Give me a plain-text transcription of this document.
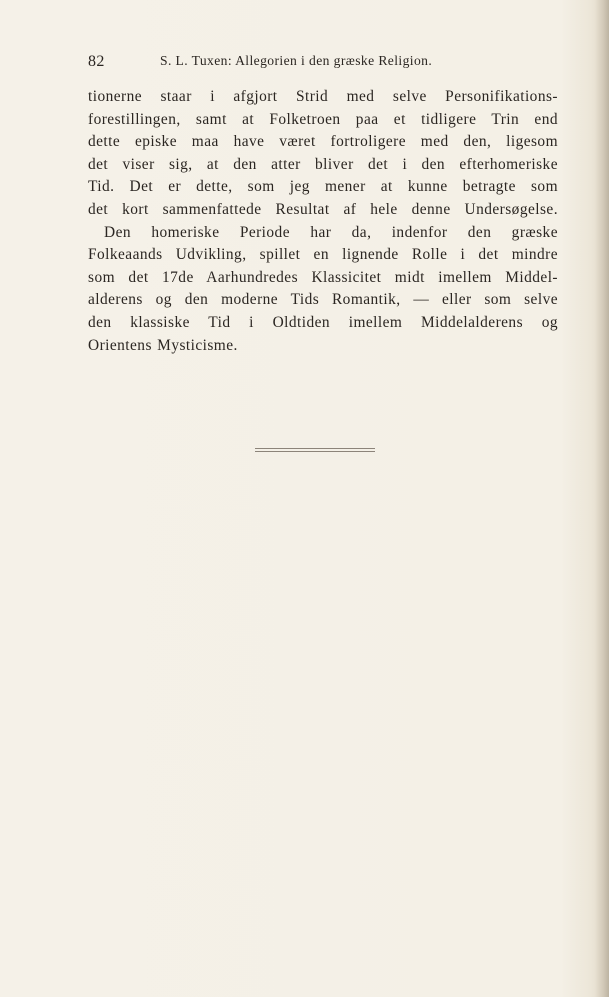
82	S. L. Tuxen: Allegorien i den græske Religion.
tionerne staar i afgjort Strid med selve Personifikations-
forestillingen, samt at Folketroen paa et tidligere Trin end
dette episke maa have været fortroligere med den, ligesom
det viser sig, at den atter bliver det i den efterhomeriske
Tid. Det er dette, som jeg mener at kunne betragte som
det kort sammenfattede Resultat af hele denne Undersøgelse.
Den homeriske Periode har da, indenfor den græske
Folkeaands Udvikling, spillet en lignende Rolle i det mindre
som det 17de Aarhundredes Klassicitet midt imellem Middel-
alderens og den moderne Tids Romantik, — eller som selve
den klassiske Tid i Oldtiden imellem Middelalderens og
Orientens Mysticisme.
